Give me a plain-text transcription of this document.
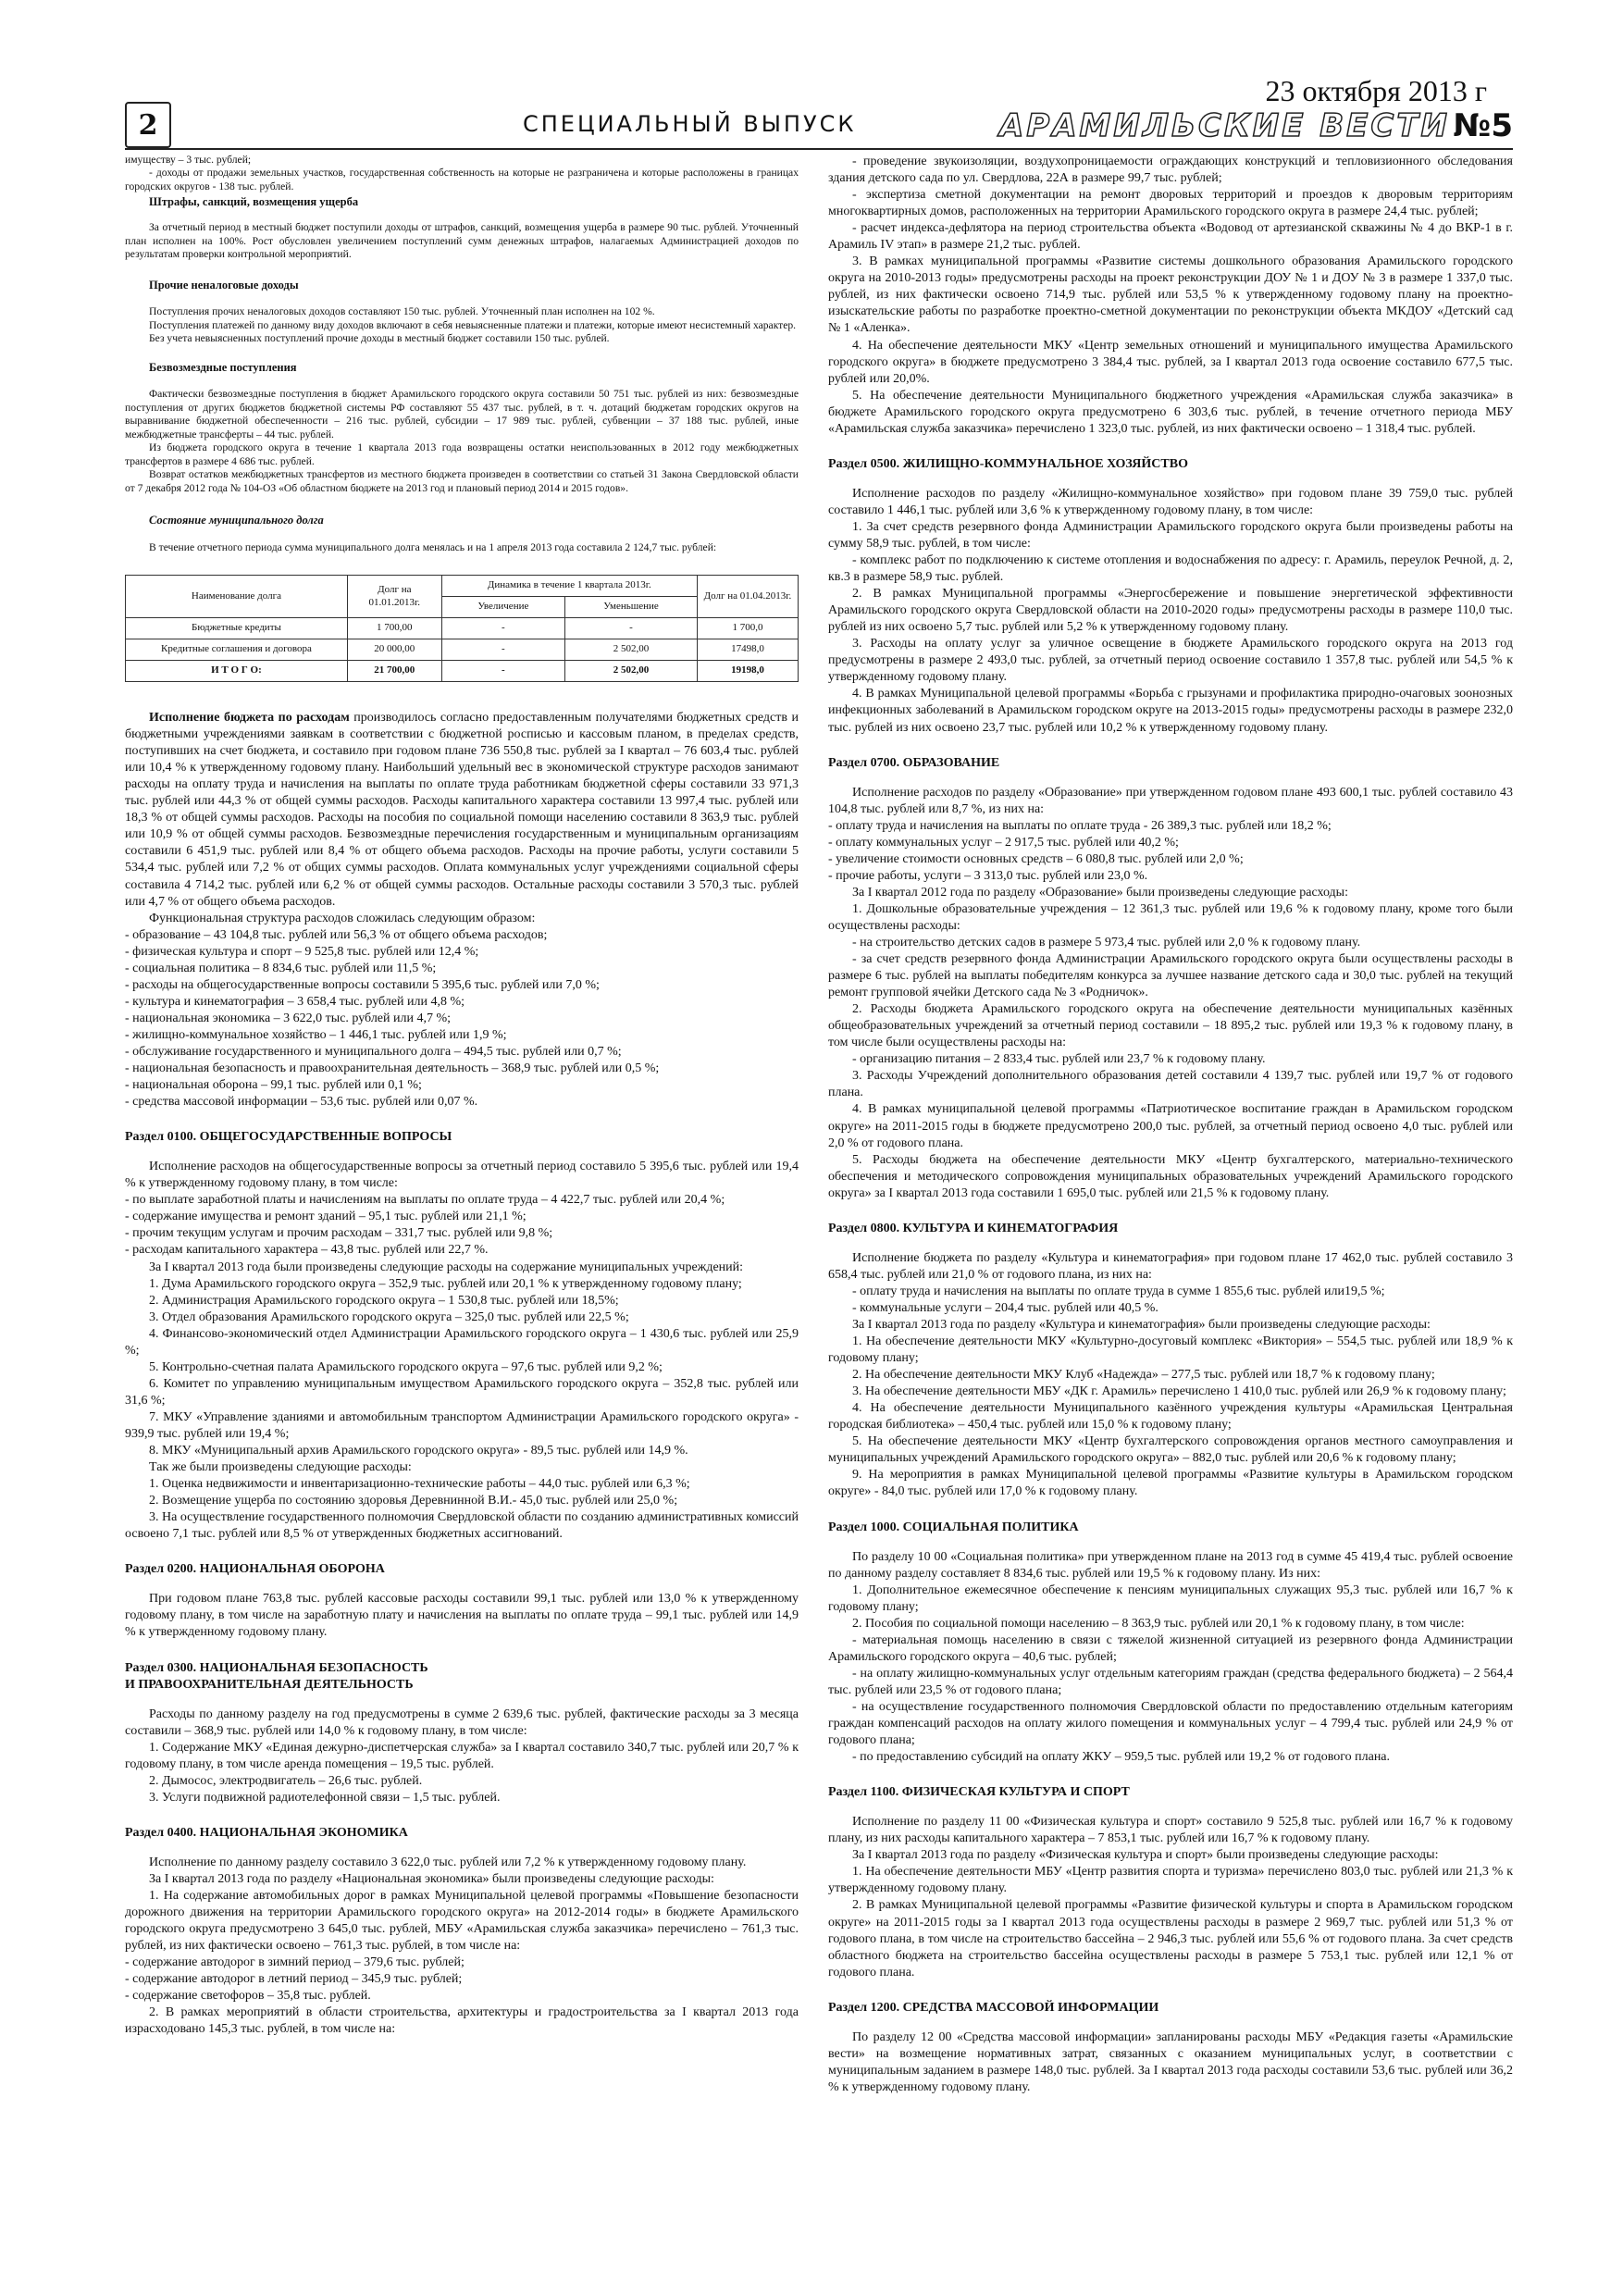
2	СПЕЦИАЛЬНЫЙ ВЫПУСК
23 октября 2013 г
АРАМИЛЬСКИЕ ВЕСТИ №5

имуществу – 3 тыс. рублей;

- доходы от продажи земельных участков, государственная собственность на которые не разграничена и которые расположены в границах городских округов - 138 тыс. рублей.

Штрафы, санкций, возмещения ущерба

За отчетный период в местный бюджет поступили доходы от штрафов, санкций, возмещения ущерба в размере 90 тыс. рублей. Уточненный план исполнен на 100%. Рост обусловлен увеличением поступлений сумм денежных штрафов, налагаемых Администрацией доходов по результатам проверки контрольной мероприятий.

Прочие неналоговые доходы

Поступления прочих неналоговых доходов составляют 150 тыс. рублей. Уточненный план исполнен на 102 %.

Поступления платежей по данному виду доходов включают в себя невыясненные платежи и платежи, которые имеют несистемный характер.

Без учета невыясненных поступлений прочие доходы в местный бюджет составили 150 тыс. рублей.

Безвозмездные поступления

Фактически безвозмездные поступления в бюджет Арамильского городского округа составили 50 751 тыс. рублей из них: безвозмездные поступления от других бюджетов бюджетной системы РФ составляют 55 437 тыс. рублей, в т. ч. дотаций бюджетам городских округов на выравнивание бюджетной обеспеченности – 216 тыс. рублей, субсидии – 17 989 тыс. рублей, субвенции – 37 188 тыс. рублей, иные межбюджетные трансферты – 44 тыс. рублей.

Из бюджета городского округа в течение 1 квартала 2013 года возвращены остатки неиспользованных в 2012 году межбюджетных трансфертов в размере 4 686 тыс. рублей.

Возврат остатков межбюджетных трансфертов из местного бюджета произведен в соответствии со статьей 31 Закона Свердловской области от 7 декабря 2012 года № 104-ОЗ «Об областном бюджете на 2013 год и плановый период 2014 и 2015 годов».

Состояние муниципального долга

В течение отчетного периода сумма муниципального долга менялась и на 1 апреля 2013 года составила 2 124,7 тыс. рублей:

Наименование долга	Долг на 01.01.2013г.	Динамика в течение 1 квартала 2013г.		Долг на 01.04.2013г.
		Увеличение	Уменьшение	
Бюджетные кредиты	1 700,00	-	-	1 700,0
Кредитные соглашения и договора	20 000,00	-	2 502,00	17498,0
И Т О Г О:	21 700,00	-	2 502,00	19198,0

Исполнение бюджета по расходам производилось согласно предоставленным получателями бюджетных средств и бюджетными учреждениями заявкам в соответствии с бюджетной росписью и кассовым планом, в пределах средств, поступивших на счет бюджета, и составило при годовом плане 736 550,8 тыс. рублей за I квартал – 76 603,4 тыс. рублей или 10,4 % к утвержденному годовому плану. Наибольший удельный вес в экономической структуре расходов занимают расходы на оплату труда и начисления на выплаты по оплате труда работникам бюджетной сферы составили 33 971,3 тыс. рублей или 44,3 % от общей суммы расходов. Расходы капитального характера составили 13 997,4 тыс. рублей или 18,3 % от общей суммы расходов. Расходы на пособия по социальной помощи населению составили 8 363,9 тыс. рублей или 10,9 % от общей суммы расходов. Безвозмездные перечисления государственным и муниципальным организациям составили 6 451,9 тыс. рублей или 8,4 % от общего объема расходов. Расходы на прочие работы, услуги составили 5 534,4 тыс. рублей или 7,2 % от общих суммы расходов. Оплата коммунальных услуг учреждениями социальной сферы составила 4 714,2 тыс. рублей или 6,2 % от общей суммы расходов. Остальные расходы составили 3 570,3 тыс. рублей или 4,7 % от общего объема расходов.

Функциональная структура расходов сложилась следующим образом:

- образование – 43 104,8 тыс. рублей или 56,3 % от общего объема расходов;

- физическая культура и спорт – 9 525,8 тыс. рублей или 12,4 %;

- социальная политика – 8 834,6 тыс. рублей или 11,5 %;

- расходы на общегосударственные вопросы составили 5 395,6 тыс. рублей или 7,0 %;

- культура и кинематография – 3 658,4 тыс. рублей или 4,8 %;

- национальная экономика – 3 622,0 тыс. рублей или 4,7 %;

- жилищно-коммунальное хозяйство – 1 446,1 тыс. рублей или 1,9 %;

- обслуживание государственного и муниципального долга – 494,5 тыс. рублей или 0,7 %;

- национальная безопасность и правоохранительная деятельность – 368,9 тыс. рублей или 0,5 %;

- национальная оборона – 99,1 тыс. рублей или 0,1 %;

- средства массовой информации – 53,6 тыс. рублей или 0,07 %.

Раздел 0100. ОБЩЕГОСУДАРСТВЕННЫЕ ВОПРОСЫ

Исполнение расходов на общегосударственные вопросы за отчетный период составило 5 395,6 тыс. рублей или 19,4 % к утвержденному годовому плану, в том числе:

- по выплате заработной платы и начислениям на выплаты по оплате труда – 4 422,7 тыс. рублей или 20,4 %;

- содержание имущества и ремонт зданий – 95,1 тыс. рублей или 21,1 %;

- прочим текущим услугам и прочим расходам – 331,7 тыс. рублей или 9,8 %;

- расходам капитального характера – 43,8 тыс. рублей или 22,7 %.

За I квартал 2013 года были произведены следующие расходы на содержание муниципальных учреждений:

1. Дума Арамильского городского округа – 352,9 тыс. рублей или 20,1 % к утвержденному годовому плану;

2. Администрация Арамильского городского округа – 1 530,8 тыс. рублей или 18,5%;

3. Отдел образования Арамильского городского округа – 325,0 тыс. рублей или 22,5 %;

4. Финансово-экономический отдел Администрации Арамильского городского округа – 1 430,6 тыс. рублей или 25,9 %;

5. Контрольно-счетная палата Арамильского городского округа – 97,6 тыс. рублей или 9,2 %;

6. Комитет по управлению муниципальным имуществом Арамильского городского округа – 352,8 тыс. рублей или 31,6 %;

7. МКУ «Управление зданиями и автомобильным транспортом Администрации Арамильского городского округа» - 939,9 тыс. рублей или 19,4 %;

8. МКУ «Муниципальный архив Арамильского городского округа» - 89,5 тыс. рублей или 14,9 %.

Так же были произведены следующие расходы:

1. Оценка недвижимости и инвентаризационно-технические работы – 44,0 тыс. рублей или 6,3 %;

2. Возмещение ущерба по состоянию здоровья Деревнинной В.И.- 45,0 тыс. рублей или 25,0 %;

3. На осуществление государственного полномочия Свердловской области по созданию административных комиссий освоено 7,1 тыс. рублей или 8,5 % от утвержденных бюджетных ассигнований.

Раздел 0200. НАЦИОНАЛЬНАЯ ОБОРОНА

При годовом плане 763,8 тыс. рублей кассовые расходы составили 99,1 тыс. рублей или 13,0 % к утвержденному годовому плану, в том числе на заработную плату и начисления на выплаты по оплате труда – 99,1 тыс. рублей или 14,9 % к утвержденному годовому плану.

Раздел 0300. НАЦИОНАЛЬНАЯ БЕЗОПАСНОСТЬ
И ПРАВООХРАНИТЕЛЬНАЯ ДЕЯТЕЛЬНОСТЬ

Расходы по данному разделу на год предусмотрены в сумме 2 639,6 тыс. рублей, фактические расходы за 3 месяца составили – 368,9 тыс. рублей или 14,0 % к годовому плану, в том числе:

1. Содержание МКУ «Единая дежурно-диспетчерская служба» за I квартал составило 340,7 тыс. рублей или 20,7 % к годовому плану, в том числе аренда помещения – 19,5 тыс. рублей.

2. Дымосос, электродвигатель – 26,6 тыс. рублей.

3. Услуги подвижной радиотелефонной связи – 1,5 тыс. рублей.

Раздел 0400. НАЦИОНАЛЬНАЯ ЭКОНОМИКА

Исполнение по данному разделу составило 3 622,0 тыс. рублей или 7,2 % к утвержденному годовому плану.

За I квартал 2013 года по разделу «Национальная экономика» были произведены следующие расходы:

1. На содержание автомобильных дорог в рамках Муниципальной целевой программы «Повышение безопасности дорожного движения на территории Арамильского городского округа» на 2012-2014 годы» в бюджете Арамильского городского округа предусмотрено 3 645,0 тыс. рублей, МБУ «Арамильская служба заказчика» перечислено – 761,3 тыс. рублей, из них фактически освоено – 761,3 тыс. рублей, в том числе на:

- содержание автодорог в зимний период – 379,6 тыс. рублей;

- содержание автодорог в летний период – 345,9 тыс. рублей;

- содержание светофоров – 35,8 тыс. рублей.

2. В рамках мероприятий в области строительства, архитектуры и градостроительства за I квартал 2013 года израсходовано 145,3 тыс. рублей, в том числе на:

- проведение звукоизоляции, воздухопроницаемости ограждающих конструкций и тепловизионного обследования здания детского сада по ул. Свердлова, 22А в размере 99,7 тыс. рублей;

- экспертиза сметной документации на ремонт дворовых территорий и проездов к дворовым территориям многоквартирных домов, расположенных на территории Арамильского городского округа в размере 24,4 тыс. рублей;

- расчет индекса-дефлятора на период строительства объекта «Водовод от артезианской скважины № 4 до ВКР-1 в г. Арамиль IV этап» в размере 21,2 тыс. рублей.

3. В рамках муниципальной программы «Развитие системы дошкольного образования Арамильского городского округа на 2010-2013 годы» предусмотрены расходы на проект реконструкции ДОУ № 1 и ДОУ № 3 в размере 1 337,0 тыс. рублей, из них фактически освоено 714,9 тыс. рублей или 53,5 % к утвержденному годовому плану на проектно-изыскательские работы по разработке проектно-сметной документации по реконструкции объекта МКДОУ «Детский сад № 1 «Аленка».

4. На обеспечение деятельности МКУ «Центр земельных отношений и муниципального имущества Арамильского городского округа» в бюджете предусмотрено 3 384,4 тыс. рублей, за I квартал 2013 года освоение составило 677,5 тыс. рублей или 20,0%.

5. На обеспечение деятельности Муниципального бюджетного учреждения «Арамильская служба заказчика» в бюджете Арамильского городского округа предусмотрено 6 303,6 тыс. рублей, в течение отчетного периода МБУ «Арамильская служба заказчика» перечислено 1 323,0 тыс. рублей, из них фактически освоено – 1 318,4 тыс. рублей.

Раздел 0500. ЖИЛИЩНО-КОММУНАЛЬНОЕ ХОЗЯЙСТВО

Исполнение расходов по разделу «Жилищно-коммунальное хозяйство» при годовом плане 39 759,0 тыс. рублей составило 1 446,1 тыс. рублей или 3,6 % к утвержденному годовому плану, в том числе:

1. За счет средств резервного фонда Администрации Арамильского городского округа были произведены работы на сумму 58,9 тыс. рублей, в том числе:

- комплекс работ по подключению к системе отопления и водоснабжения по адресу: г. Арамиль, переулок Речной, д. 2, кв.3 в размере 58,9 тыс. рублей.

2. В рамках Муниципальной программы «Энергосбережение и повышение энергетической эффективности Арамильского городского округа Свердловской области на 2010-2020 годы» предусмотрены расходы в размере 110,0 тыс. рублей из них освоено 5,7 тыс. рублей или 5,2 % к утвержденному годовому плану.

3. Расходы на оплату услуг за уличное освещение в бюджете Арамильского городского округа на 2013 год предусмотрены в размере 2 493,0 тыс. рублей, за отчетный период освоение составило 1 357,8 тыс. рублей или 54,5 % к утвержденному годовому плану.

4. В рамках Муниципальной целевой программы «Борьба с грызунами и профилактика природно-очаговых зоонозных инфекционных заболеваний в Арамильском городском округе на 2013-2015 годы» предусмотрены расходы в размере 232,0 тыс. рублей из них освоено 23,7 тыс. рублей или 10,2 % к утвержденному годовому плану.

Раздел 0700. ОБРАЗОВАНИЕ

Исполнение расходов по разделу «Образование» при утвержденном годовом плане 493 600,1 тыс. рублей составило 43 104,8 тыс. рублей или 8,7 %, из них на:

- оплату труда и начисления на выплаты по оплате труда - 26 389,3 тыс. рублей или 18,2 %;

- оплату коммунальных услуг – 2 917,5 тыс. рублей или 40,2 %;

- увеличение стоимости основных средств – 6 080,8 тыс. рублей или 2,0 %;

- прочие работы, услуги – 3 313,0 тыс. рублей или 23,0 %.

За I квартал 2012 года по разделу «Образование» были произведены следующие расходы:

1. Дошкольные образовательные учреждения – 12 361,3 тыс. рублей или 19,6 % к годовому плану, кроме того были осуществлены расходы:

- на строительство детских садов в размере 5 973,4 тыс. рублей или 2,0 % к годовому плану.

- за счет средств резервного фонда Администрации Арамильского городского округа были осуществлены расходы в размере 6 тыс. рублей на выплаты победителям конкурса за лучшее название детского сада и 30,0 тыс. рублей на текущий ремонт групповой ячейки Детского сада № 3 «Родничок».

2. Расходы бюджета Арамильского городского округа на обеспечение деятельности муниципальных казённых общеобразовательных учреждений за отчетный период составили – 18 895,2 тыс. рублей или 19,3 % к годовому плану, в том числе были осуществлены расходы на:

- организацию питания – 2 833,4 тыс. рублей или 23,7 % к годовому плану.

3. Расходы Учреждений дополнительного образования детей составили 4 139,7 тыс. рублей или 19,7 % от годового плана.

4. В рамках муниципальной целевой программы «Патриотическое воспитание граждан в Арамильском городском округе» на 2011-2015 годы в бюджете предусмотрено 200,0 тыс. рублей, за отчетный период освоено 4,0 тыс. рублей или 2,0 % от годового плана.

5. Расходы бюджета на обеспечение деятельности МКУ «Центр бухгалтерского, материально-технического обеспечения и методического сопровождения муниципальных образовательных учреждений Арамильского городского округа» за I квартал 2013 года составили 1 695,0 тыс. рублей или 21,5 % к годовому плану.

Раздел 0800. КУЛЬТУРА И КИНЕМАТОГРАФИЯ

Исполнение бюджета по разделу «Культура и кинематография» при годовом плане 17 462,0 тыс. рублей составило 3 658,4 тыс. рублей или 21,0 % от годового плана, из них на:

- оплату труда и начисления на выплаты по оплате труда в сумме 1 855,6 тыс. рублей или19,5 %;

- коммунальные услуги – 204,4 тыс. рублей или 40,5 %.

За I квартал 2013 года по разделу «Культура и кинематография» были произведены следующие расходы:

1. На обеспечение деятельности МКУ «Культурно-досуговый комплекс «Виктория» – 554,5 тыс. рублей или 18,9 % к годовому плану;

2. На обеспечение деятельности МКУ Клуб «Надежда» – 277,5 тыс. рублей или 18,7 % к годовому плану;

3. На обеспечение деятельности МБУ «ДК г. Арамиль» перечислено 1 410,0 тыс. рублей или 26,9 % к годовому плану;

4. На обеспечение деятельности Муниципального казённого учреждения культуры «Арамильская Центральная городская библиотека» – 450,4 тыс. рублей или 15,0 % к годовому плану;

5. На обеспечение деятельности МКУ «Центр бухгалтерского сопровождения органов местного самоуправления и муниципальных учреждений Арамильского городского округа» – 882,0 тыс. рублей или 20,6 % к годовому плану;

9. На мероприятия в рамках Муниципальной целевой программы «Развитие культуры в Арамильском городском округе» - 84,0 тыс. рублей или 17,0 % к годовому плану.

Раздел 1000. СОЦИАЛЬНАЯ ПОЛИТИКА

По разделу 10 00 «Социальная политика» при утвержденном плане на 2013 год в сумме 45 419,4 тыс. рублей освоение по данному разделу составляет 8 834,6 тыс. рублей или 19,5 % к годовому плану. Из них:

1. Дополнительное ежемесячное обеспечение к пенсиям муниципальных служащих 95,3 тыс. рублей или 16,7 % к годовому плану;

2. Пособия по социальной помощи населению – 8 363,9 тыс. рублей или 20,1 % к годовому плану, в том числе:

- материальная помощь населению в связи с тяжелой жизненной ситуацией из резервного фонда Администрации Арамильского городского округа – 40,6 тыс. рублей;

- на оплату жилищно-коммунальных услуг отдельным категориям граждан (средства федерального бюджета) – 2 564,4 тыс. рублей или 23,5 % от годового плана;

- на осуществление государственного полномочия Свердловской области по предоставлению отдельным категориям граждан компенсаций расходов на оплату жилого помещения и коммунальных услуг – 4 799,4 тыс. рублей или 24,9 % от годового плана;

- по предоставлению субсидий на оплату ЖКУ – 959,5 тыс. рублей или 19,2 % от годового плана.

Раздел 1100. ФИЗИЧЕСКАЯ КУЛЬТУРА И СПОРТ

Исполнение по разделу 11 00 «Физическая культура и спорт» составило 9 525,8 тыс. рублей или 16,7 % к годовому плану, из них расходы капитального характера – 7 853,1 тыс. рублей или 16,7 % к годовому плану.

За I квартал 2013 года по разделу «Физическая культура и спорт» были произведены следующие расходы:

1. На обеспечение деятельности МБУ «Центр развития спорта и туризма» перечислено 803,0 тыс. рублей или 21,3 % к утвержденному годовому плану.

2. В рамках Муниципальной целевой программы «Развитие физической культуры и спорта в Арамильском городском округе» на 2011-2015 годы за I квартал 2013 года осуществлены расходы в размере 2 969,7 тыс. рублей или 51,3 % от годового плана, в том числе на строительство бассейна – 2 946,3 тыс. рублей или 55,6 % от годового плана. За счет средств областного бюджета на строительство бассейна осуществлены расходы в размере 5 753,1 тыс. рублей или 12,1 % от годового плана.

Раздел 1200. СРЕДСТВА МАССОВОЙ ИНФОРМАЦИИ

По разделу 12 00 «Средства массовой информации» запланированы расходы МБУ «Редакция газеты «Арамильские вести» на возмещение нормативных затрат, связанных с оказанием муниципальных услуг, в соответствии с муниципальным заданием в размере 148,0 тыс. рублей. За I квартал 2013 года расходы составили 53,6 тыс. рублей или 36,2 % к утвержденному годовому плану.
